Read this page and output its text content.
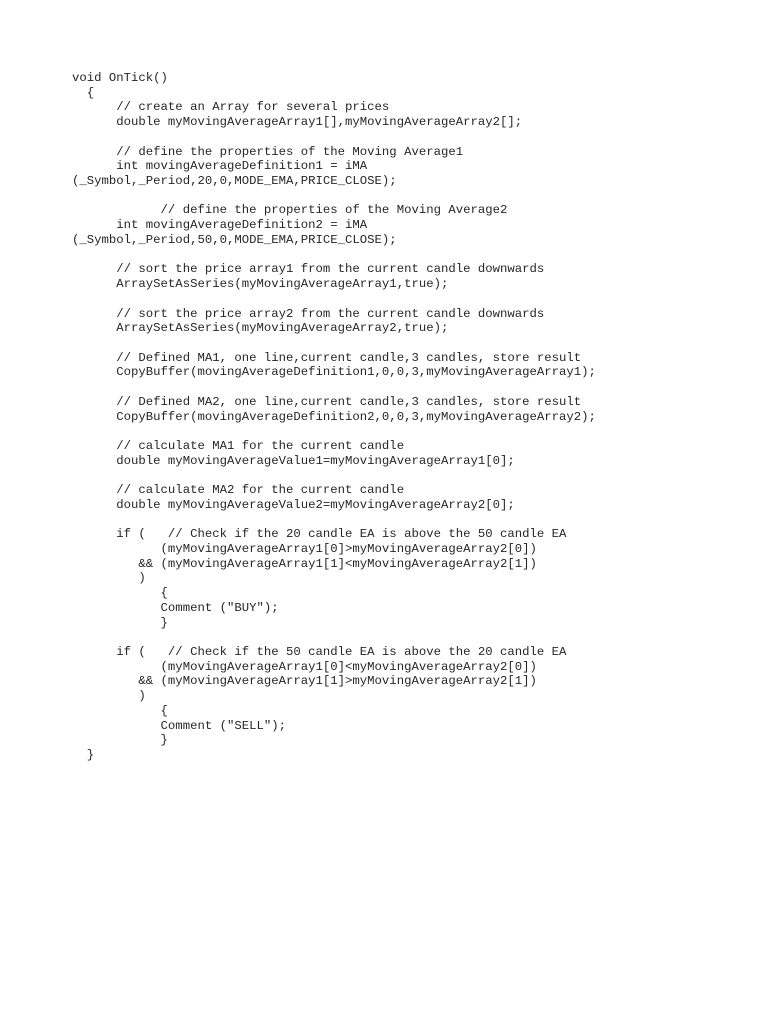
void OnTick()
{
// create an Array for several prices
double myMovingAverageArray1[],myMovingAverageArray2[];
// define the properties of the Moving Average1
int movingAverageDefinition1 = iMA
(_Symbol,_Period,20,0,MODE_EMA,PRICE_CLOSE);
// define the properties of the Moving Average2
int movingAverageDefinition2 = iMA
(_Symbol,_Period,50,0,MODE_EMA,PRICE_CLOSE);
// sort the price array1 from the current candle downwards
ArraySetAsSeries(myMovingAverageArray1,true);
// sort the price array2 from the current candle downwards
ArraySetAsSeries(myMovingAverageArray2,true);
// Defined MA1, one line,current candle,3 candles, store result
CopyBuffer(movingAverageDefinition1,0,0,3,myMovingAverageArray1);
// Defined MA2, one line,current candle,3 candles, store result
CopyBuffer(movingAverageDefinition2,0,0,3,myMovingAverageArray2);
// calculate MA1 for the current candle
double myMovingAverageValue1=myMovingAverageArray1[0];
// calculate MA2 for the current candle
double myMovingAverageValue2=myMovingAverageArray2[0];
if (   // Check if the 20 candle EA is above the 50 candle EA
(myMovingAverageArray1[0]>myMovingAverageArray2[0])
&& (myMovingAverageArray1[1]<myMovingAverageArray2[1])
)
{
Comment ("BUY");
}
if (   // Check if the 50 candle EA is above the 20 candle EA
(myMovingAverageArray1[0]<myMovingAverageArray2[0])
&& (myMovingAverageArray1[1]>myMovingAverageArray2[1])
)
{
Comment ("SELL");
}
}
